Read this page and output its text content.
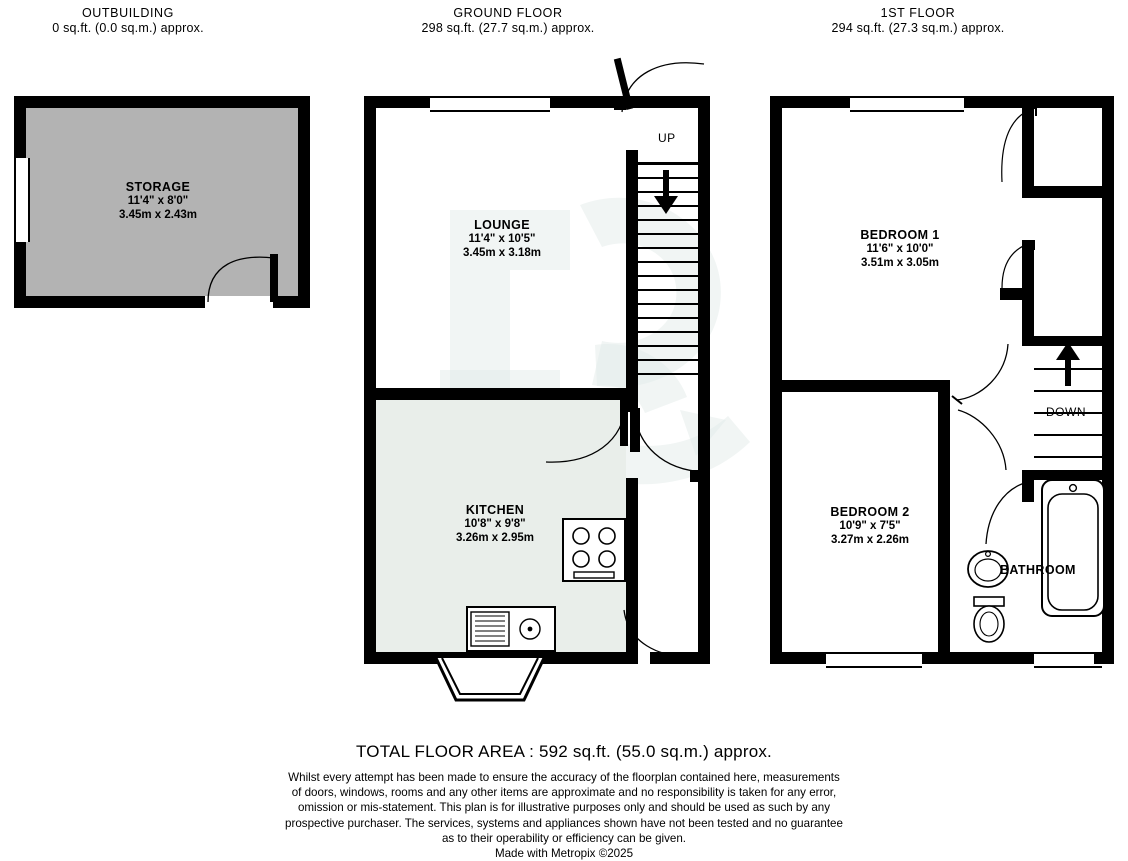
OUTBUILDING
0 sq.ft. (0.0 sq.m.) approx.
GROUND FLOOR
298 sq.ft. (27.7 sq.m.) approx.
1ST FLOOR
294 sq.ft. (27.3 sq.m.) approx.
STORAGE
11'4" x 8'0"
3.45m x 2.43m
UP
LOUNGE
11'4" x 10'5"
3.45m x 3.18m
KITCHEN
10'8" x 9'8"
3.26m x 2.95m
DOWN
BEDROOM 1
11'6" x 10'0"
3.51m x 3.05m
BEDROOM 2
10'9" x 7'5"
3.27m x 2.26m
BATHROOM
TOTAL FLOOR AREA : 592 sq.ft. (55.0 sq.m.) approx.
Whilst every attempt has been made to ensure the accuracy of the floorplan contained here, measurements
of doors, windows, rooms and any other items are approximate and no responsibility is taken for any error,
omission or mis-statement. This plan is for illustrative purposes only and should be used as such by any
prospective purchaser. The services, systems and appliances shown have not been tested and no guarantee
as to their operability or efficiency can be given.
Made with Metropix ©2025
